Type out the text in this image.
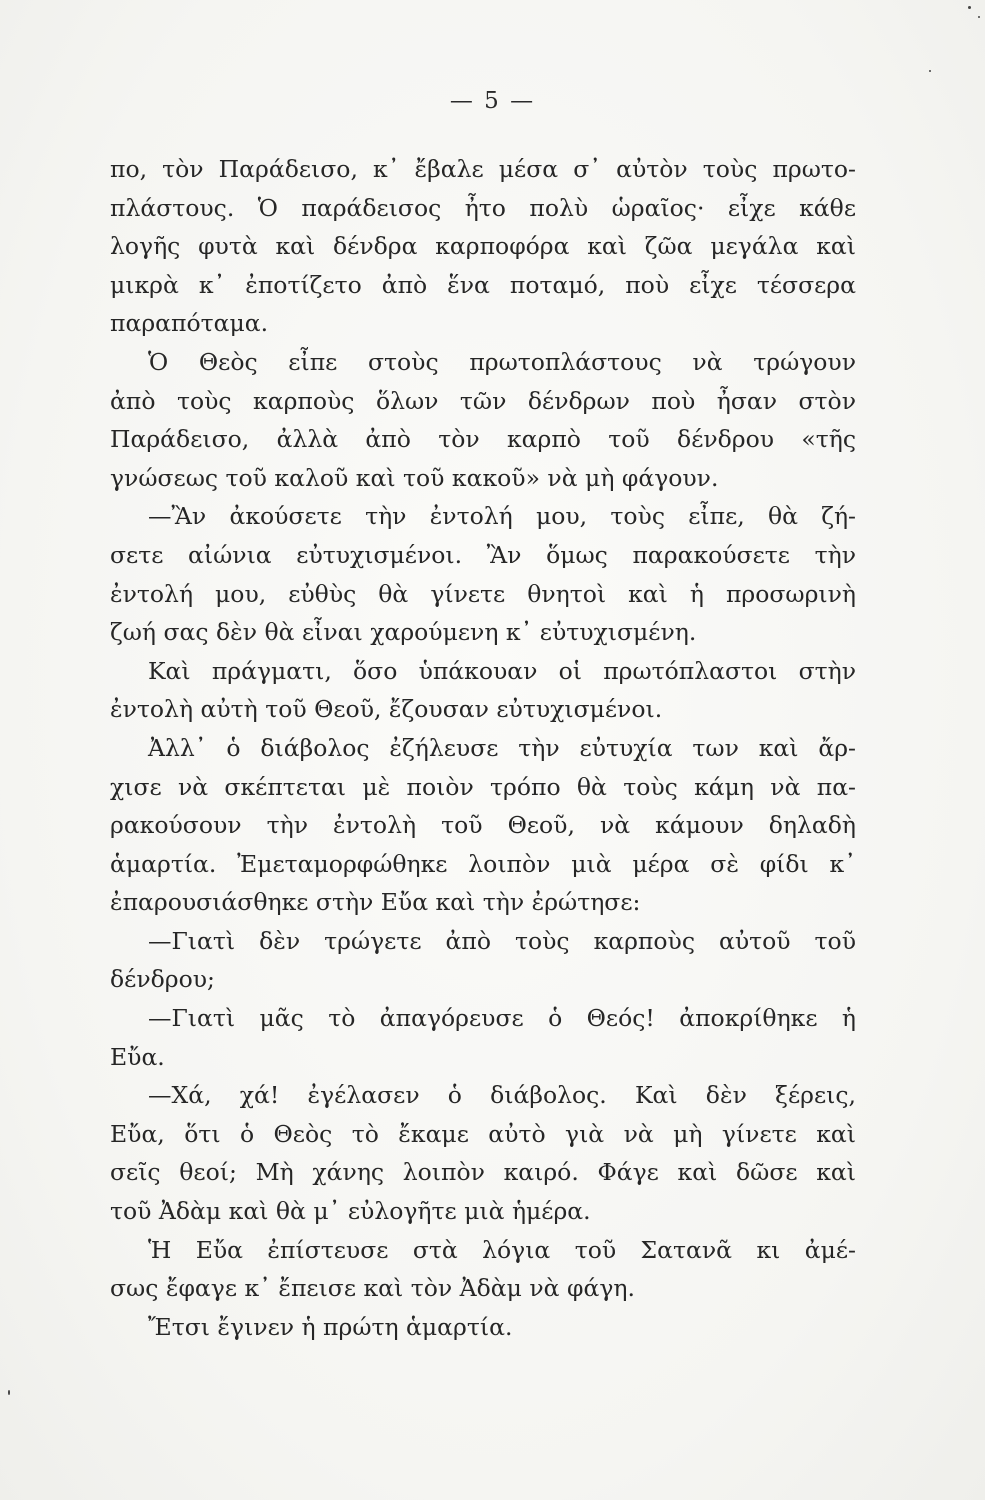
— 5 —
πο, τὸν Παράδεισο, κ᾿ ἔβαλε μέσα σ᾿ αὐτὸν τοὺς πρωτο-
πλάστους. Ὁ παράδεισος ἦτο πολὺ ὡραῖος· εἶχε κάθε
λογῆς φυτὰ καὶ δένδρα καρποφόρα καὶ ζῶα μεγάλα καὶ
μικρὰ κ᾿ ἐποτίζετο ἀπὸ ἕνα ποταμό, ποὺ εἶχε τέσσερα
παραπόταμα.
Ὁ Θεὸς εἶπε στοὺς πρωτοπλάστους νὰ τρώγουν
ἀπὸ τοὺς καρποὺς ὅλων τῶν δένδρων ποὺ ἦσαν στὸν
Παράδεισο, ἀλλὰ ἀπὸ τὸν καρπὸ τοῦ δένδρου «τῆς
γνώσεως τοῦ καλοῦ καὶ τοῦ κακοῦ» νὰ μὴ φάγουν.
—Ἂν ἀκούσετε τὴν ἐντολή μου, τοὺς εἶπε, θὰ ζή-
σετε αἰώνια εὐτυχισμένοι. Ἂν ὅμως παρακούσετε τὴν
ἐντολή μου, εὐθὺς θὰ γίνετε θνητοὶ καὶ ἡ προσωρινὴ
ζωή σας δὲν θὰ εἶναι χαρούμενη κ᾿ εὐτυχισμένη.
Καὶ πράγματι, ὅσο ὑπάκουαν οἱ πρωτόπλαστοι στὴν
ἐντολὴ αὐτὴ τοῦ Θεοῦ, ἔζουσαν εὐτυχισμένοι.
Ἀλλ᾿ ὁ διάβολος ἐζήλευσε τὴν εὐτυχία των καὶ ἄρ-
χισε νὰ σκέπτεται μὲ ποιὸν τρόπο θὰ τοὺς κάμη νὰ πα-
ρακούσουν τὴν ἐντολὴ τοῦ Θεοῦ, νὰ κάμουν δηλαδὴ
ἁμαρτία. Ἐμεταμορφώθηκε λοιπὸν μιὰ μέρα σὲ φίδι κ᾿
ἐπαρουσιάσθηκε στὴν Εὔα καὶ τὴν ἐρώτησε:
—Γιατὶ δὲν τρώγετε ἀπὸ τοὺς καρποὺς αὐτοῦ τοῦ
δένδρου;
—Γιατὶ μᾶς τὸ ἀπαγόρευσε ὁ Θεός! ἀποκρίθηκε ἡ
Εὔα.
—Χά, χά! ἐγέλασεν ὁ διάβολος. Καὶ δὲν ξέρεις,
Εὔα, ὅτι ὁ Θεὸς τὸ ἔκαμε αὐτὸ γιὰ νὰ μὴ γίνετε καὶ
σεῖς θεοί; Μὴ χάνης λοιπὸν καιρό. Φάγε καὶ δῶσε καὶ
τοῦ Ἀδὰμ καὶ θὰ μ᾿ εὐλογῆτε μιὰ ἡμέρα.
Ἡ Εὔα ἐπίστευσε στὰ λόγια τοῦ Σατανᾶ κι ἀμέ-
σως ἔφαγε κ᾿ ἔπεισε καὶ τὸν Ἀδὰμ νὰ φάγη.
Ἔτσι ἔγινεν ἡ πρώτη ἁμαρτία.
